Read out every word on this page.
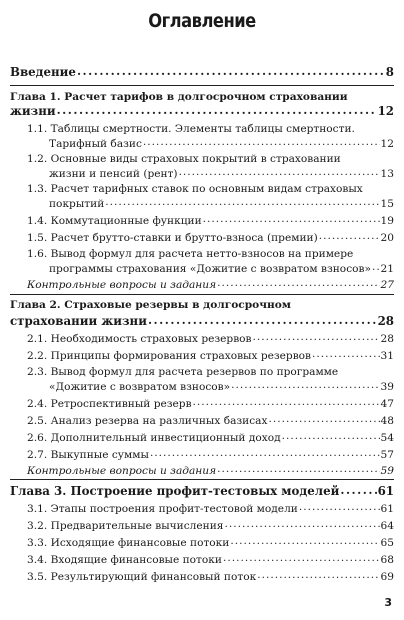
Оглавление
Введение .....	8
Глава 1. Расчет тарифов в долгосрочном страховании
жизни .....	12
1.1. Таблицы смертности. Элементы таблицы смертности.
Тарифный базис .....	12
1.2. Основные виды страховых покрытий в страховании
жизни и пенсий (рент) .....	13
1.3. Расчет тарифных ставок по основным видам страховых
покрытий .....	15
1.4. Коммутационные функции .....	19
1.5. Расчет брутто-ставки и брутто-взноса (премии) .....	20
1.6. Вывод формул для расчета нетто-взносов на примере
программы страхования «Дожитие с возвратом взносов» ..... 21
Контрольные вопросы и задания .....	27
Глава 2. Страховые резервы в долгосрочном
страховании жизни .....	28
2.1. Необходимость страховых резервов .....	28
2.2. Принципы формирования страховых резервов .....	31
2.3. Вывод формул для расчета резервов по программе
«Дожитие с возвратом взносов» .....	39
2.4. Ретроспективный резерв .....	47
2.5. Анализ резерва на различных базисах .....	48
2.6. Дополнительный инвестиционный доход .....	54
2.7. Выкупные суммы .....	57
Контрольные вопросы и задания .....	59
Глава 3. Построение профит-тестовых моделей .....	61
3.1. Этапы построения профит-тестовой модели .....	61
3.2. Предварительные вычисления .....	64
3.3. Исходящие финансовые потоки .....	65
3.4. Входящие финансовые потоки .....	68
3.5. Результирующий финансовый поток .....	69
3
